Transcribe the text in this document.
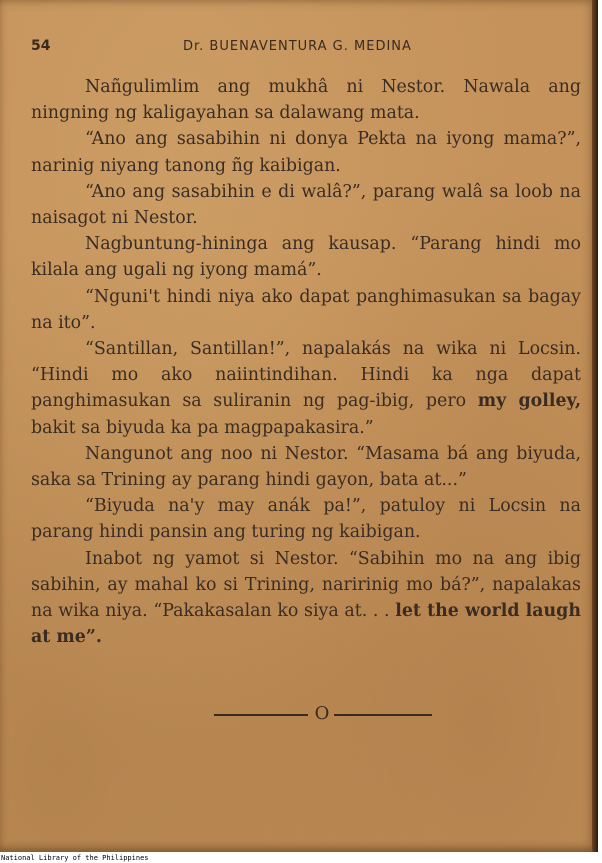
54	Dr. BUENAVENTURA G. MEDINA

Nañgulimlim ang mukhâ ni Nestor. Nawala ang ningning ng kaligayahan sa dalawang mata.

“Ano ang sasabihin ni donya Pekta na iyong mama?”, narinig niyang tanong ñg kaibigan.

“Ano ang sasabihin e di walâ?”, parang walâ sa loob na naisagot ni Nestor.

Nagbuntung-hininga ang kausap. “Parang hindi mo kilala ang ugali ng iyong mamá”.

“Nguni't hindi niya ako dapat panghimasukan sa bagay na ito”.

“Santillan, Santillan!”, napalakás na wika ni Locsin. “Hindi mo ako naiintindihan. Hindi ka nga dapat panghimasukan sa suliranin ng pag-ibig, pero my golley, bakit sa biyuda ka pa magpapakasira.”

Nangunot ang noo ni Nestor. “Masama bá ang biyuda, saka sa Trining ay parang hindi gayon, bata at...”

“Biyuda na'y may anák pa!”, patuloy ni Locsin na parang hindi pansin ang turing ng kaibigan.

Inabot ng yamot si Nestor. “Sabihin mo na ang ibig sabihin, ay mahal ko si Trining, naririnig mo bá?”, napalakas na wika niya. “Pakakasalan ko siya at. . . let the world laugh at me”.

O
National Library of the Philippines
